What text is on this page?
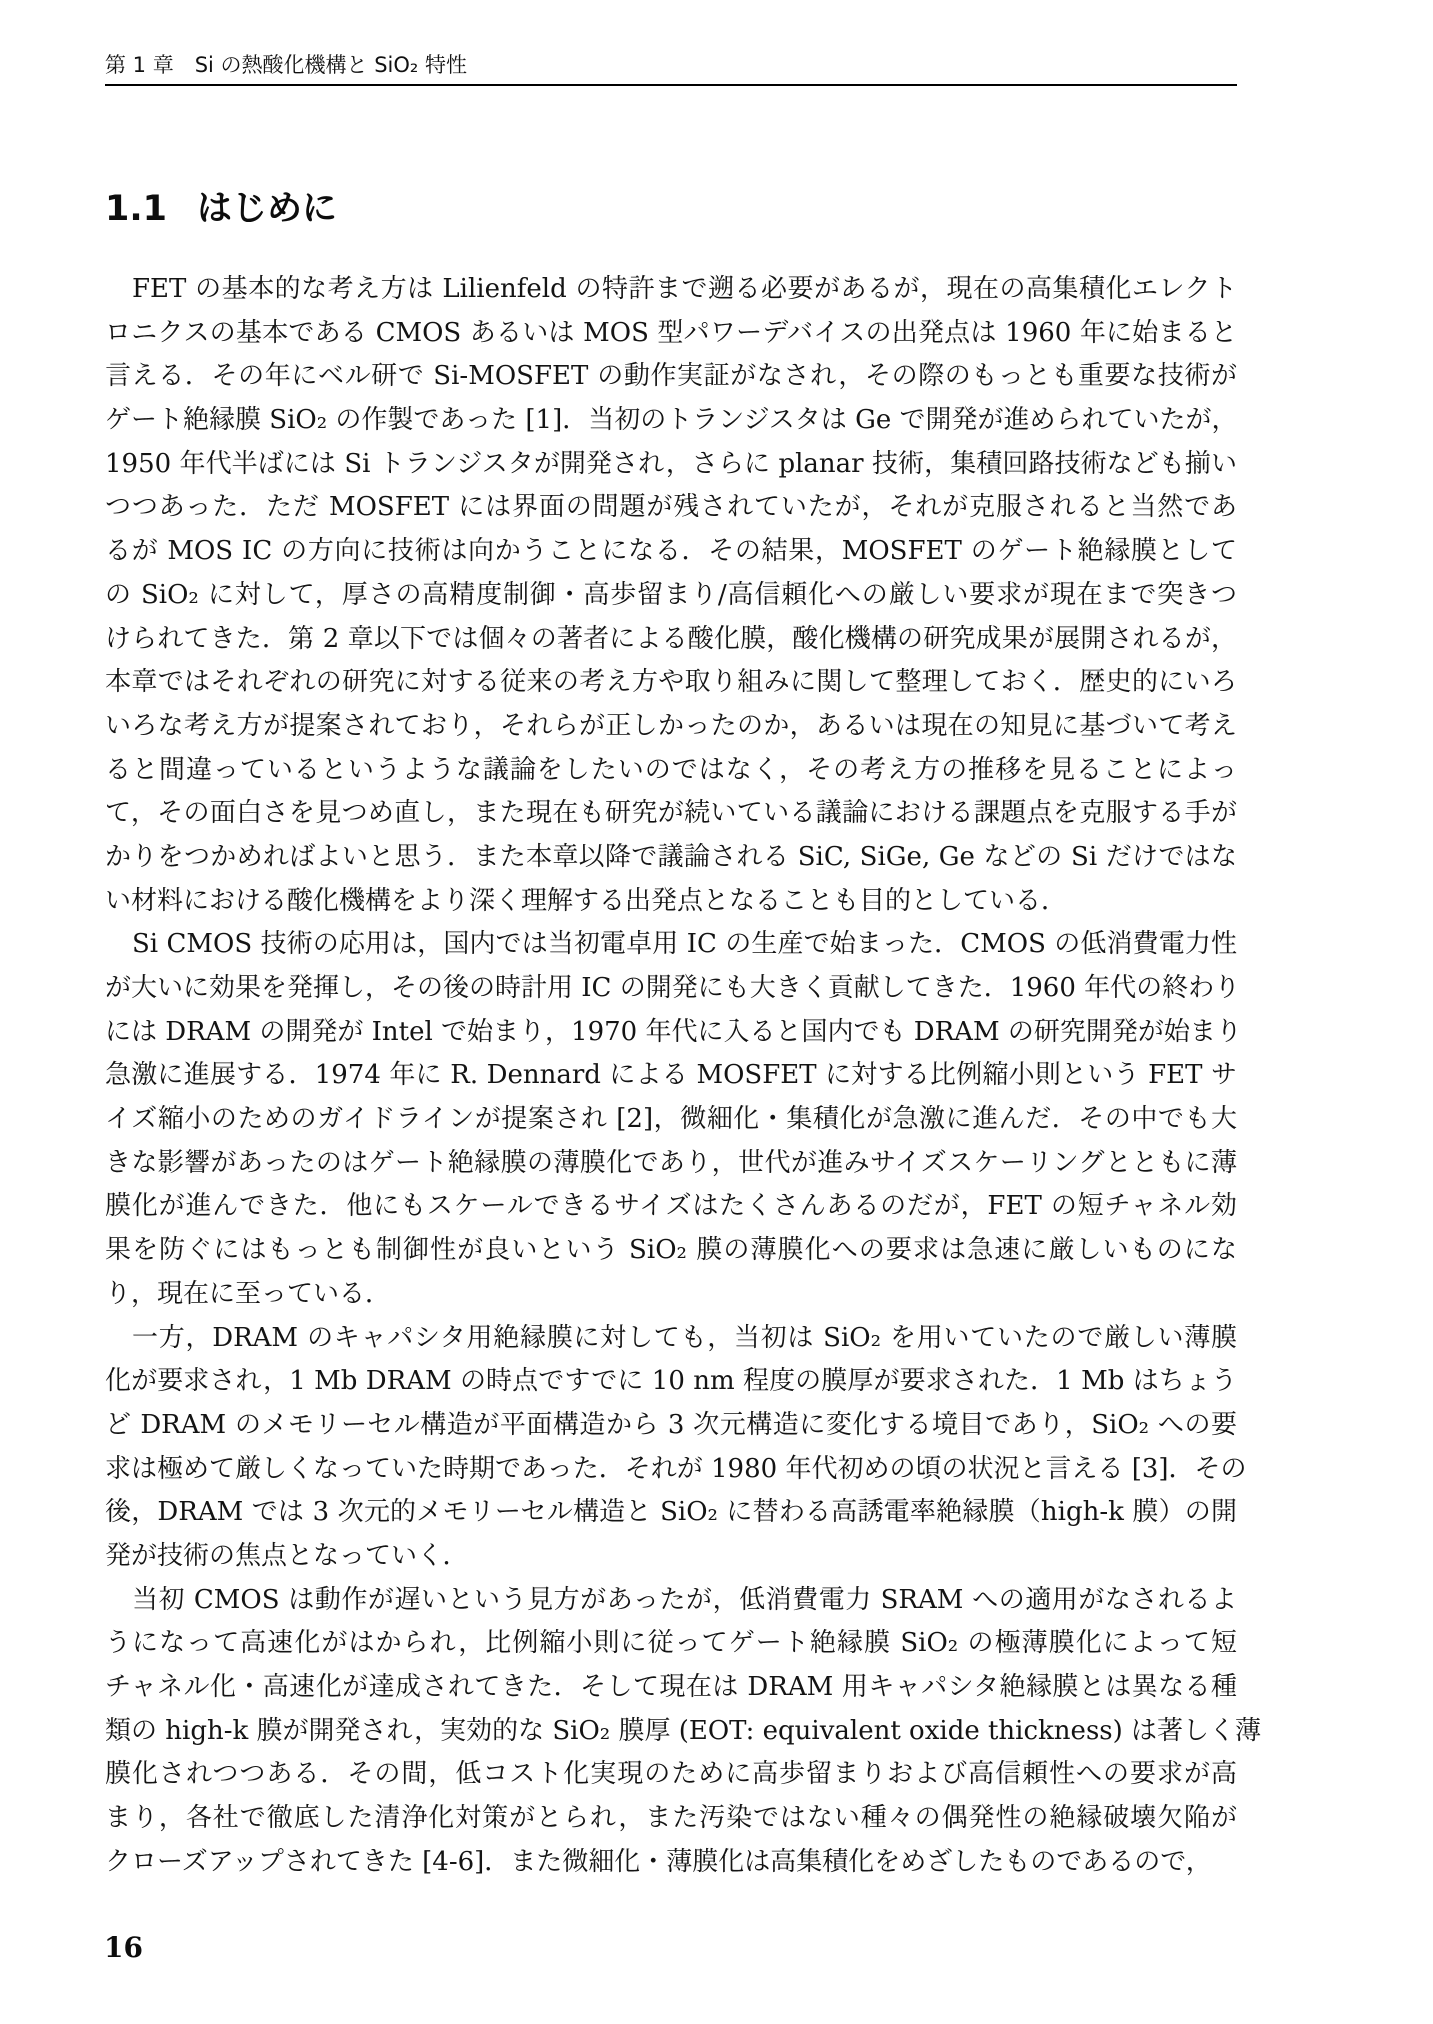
第 1 章　Si の熱酸化機構と SiO₂ 特性
1.1 はじめに
FET の基本的な考え方は Lilienfeld の特許まで遡る必要があるが，現在の高集積化エレクト
ロニクスの基本である CMOS あるいは MOS 型パワーデバイスの出発点は 1960 年に始まると
言える．その年にベル研で Si-MOSFET の動作実証がなされ，その際のもっとも重要な技術が
ゲート絶縁膜 SiO₂ の作製であった [1]．当初のトランジスタは Ge で開発が進められていたが，
1950 年代半ばには Si トランジスタが開発され，さらに planar 技術，集積回路技術なども揃い
つつあった．ただ MOSFET には界面の問題が残されていたが，それが克服されると当然であ
るが MOS IC の方向に技術は向かうことになる．その結果，MOSFET のゲート絶縁膜として
の SiO₂ に対して，厚さの高精度制御・高歩留まり/高信頼化への厳しい要求が現在まで突きつ
けられてきた．第 2 章以下では個々の著者による酸化膜，酸化機構の研究成果が展開されるが，
本章ではそれぞれの研究に対する従来の考え方や取り組みに関して整理しておく．歴史的にいろ
いろな考え方が提案されており，それらが正しかったのか，あるいは現在の知見に基づいて考え
ると間違っているというような議論をしたいのではなく，その考え方の推移を見ることによっ
て，その面白さを見つめ直し，また現在も研究が続いている議論における課題点を克服する手が
かりをつかめればよいと思う．また本章以降で議論される SiC, SiGe, Ge などの Si だけではな
い材料における酸化機構をより深く理解する出発点となることも目的としている．
Si CMOS 技術の応用は，国内では当初電卓用 IC の生産で始まった．CMOS の低消費電力性
が大いに効果を発揮し，その後の時計用 IC の開発にも大きく貢献してきた．1960 年代の終わり
には DRAM の開発が Intel で始まり，1970 年代に入ると国内でも DRAM の研究開発が始まり
急激に進展する．1974 年に R. Dennard による MOSFET に対する比例縮小則という FET サ
イズ縮小のためのガイドラインが提案され [2]，微細化・集積化が急激に進んだ．その中でも大
きな影響があったのはゲート絶縁膜の薄膜化であり，世代が進みサイズスケーリングとともに薄
膜化が進んできた．他にもスケールできるサイズはたくさんあるのだが，FET の短チャネル効
果を防ぐにはもっとも制御性が良いという SiO₂ 膜の薄膜化への要求は急速に厳しいものにな
り，現在に至っている．
一方，DRAM のキャパシタ用絶縁膜に対しても，当初は SiO₂ を用いていたので厳しい薄膜
化が要求され，1 Mb DRAM の時点ですでに 10 nm 程度の膜厚が要求された．1 Mb はちょう
ど DRAM のメモリーセル構造が平面構造から 3 次元構造に変化する境目であり，SiO₂ への要
求は極めて厳しくなっていた時期であった．それが 1980 年代初めの頃の状況と言える [3]．その
後，DRAM では 3 次元的メモリーセル構造と SiO₂ に替わる高誘電率絶縁膜（high-k 膜）の開
発が技術の焦点となっていく．
当初 CMOS は動作が遅いという見方があったが，低消費電力 SRAM への適用がなされるよ
うになって高速化がはかられ，比例縮小則に従ってゲート絶縁膜 SiO₂ の極薄膜化によって短
チャネル化・高速化が達成されてきた．そして現在は DRAM 用キャパシタ絶縁膜とは異なる種
類の high-k 膜が開発され，実効的な SiO₂ 膜厚 (EOT: equivalent oxide thickness) は著しく薄
膜化されつつある．その間，低コスト化実現のために高歩留まりおよび高信頼性への要求が高
まり，各社で徹底した清浄化対策がとられ，また汚染ではない種々の偶発性の絶縁破壊欠陥が
クローズアップされてきた [4-6]．また微細化・薄膜化は高集積化をめざしたものであるので，
16
